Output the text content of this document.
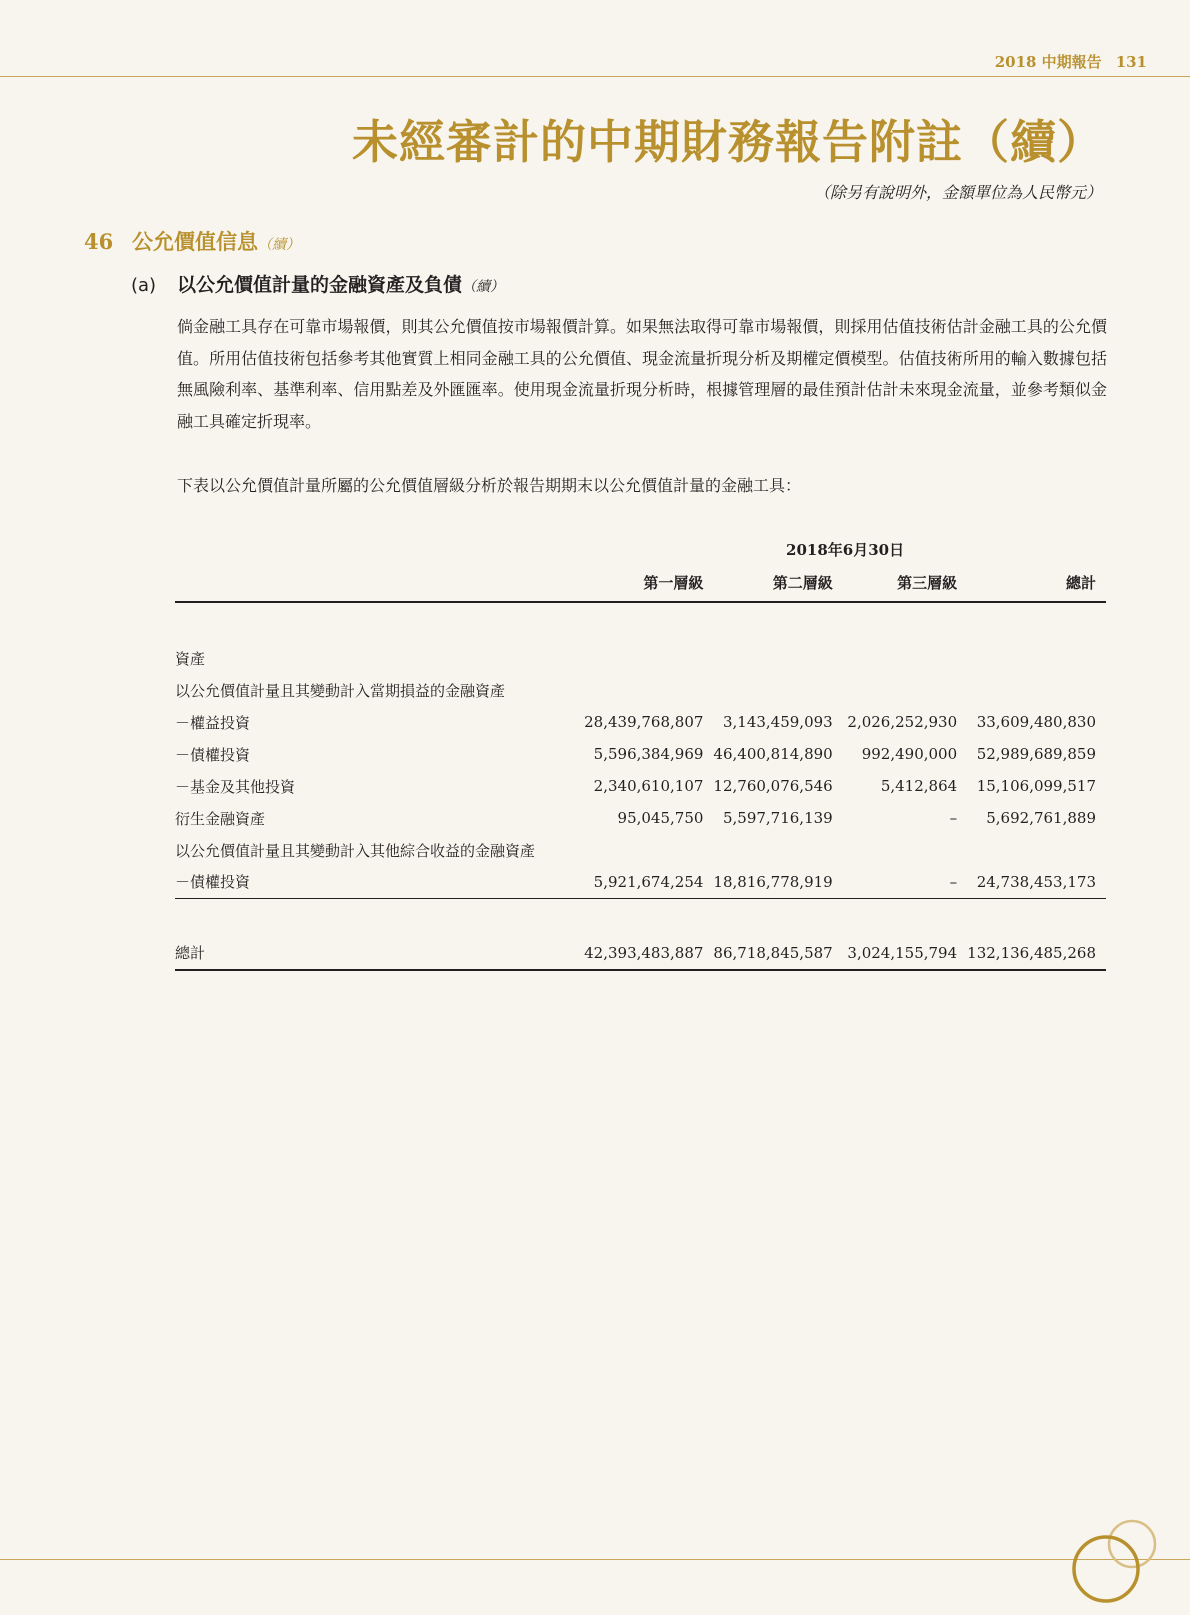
2018 中期報告 131
未經審計的中期財務報告附註（續）
（除另有說明外，金額單位為人民幣元）
46 公允價值信息（續）
(a) 以公允價值計量的金融資產及負債（續）

倘金融工具存在可靠市場報價，則其公允價值按市場報價計算。如果無法取得可靠市場報價，則採用估值技術估計金融工具的公允價值。所用估值技術包括參考其他實質上相同金融工具的公允價值、現金流量折現分析及期權定價模型。估值技術所用的輸入數據包括無風險利率、基準利率、信用點差及外匯匯率。使用現金流量折現分析時，根據管理層的最佳預計估計未來現金流量，並參考類似金融工具確定折現率。

下表以公允價值計量所屬的公允價值層級分析於報告期期末以公允價值計量的金融工具：

	2018年6月30日			
	第一層級	第二層級	第三層級	總計

資產				
以公允價值計量且其變動計入當期損益的金融資產				
－權益投資	28,439,768,807	3,143,459,093	2,026,252,930	33,609,480,830
－債權投資	5,596,384,969	46,400,814,890	992,490,000	52,989,689,859
－基金及其他投資	2,340,610,107	12,760,076,546	5,412,864	15,106,099,517
衍生金融資產	95,045,750	5,597,716,139	–	5,692,761,889
以公允價值計量且其變動計入其他綜合收益的金融資產				
－債權投資	5,921,674,254	18,816,778,919	–	24,738,453,173

總計	42,393,483,887	86,718,845,587	3,024,155,794	132,136,485,268
